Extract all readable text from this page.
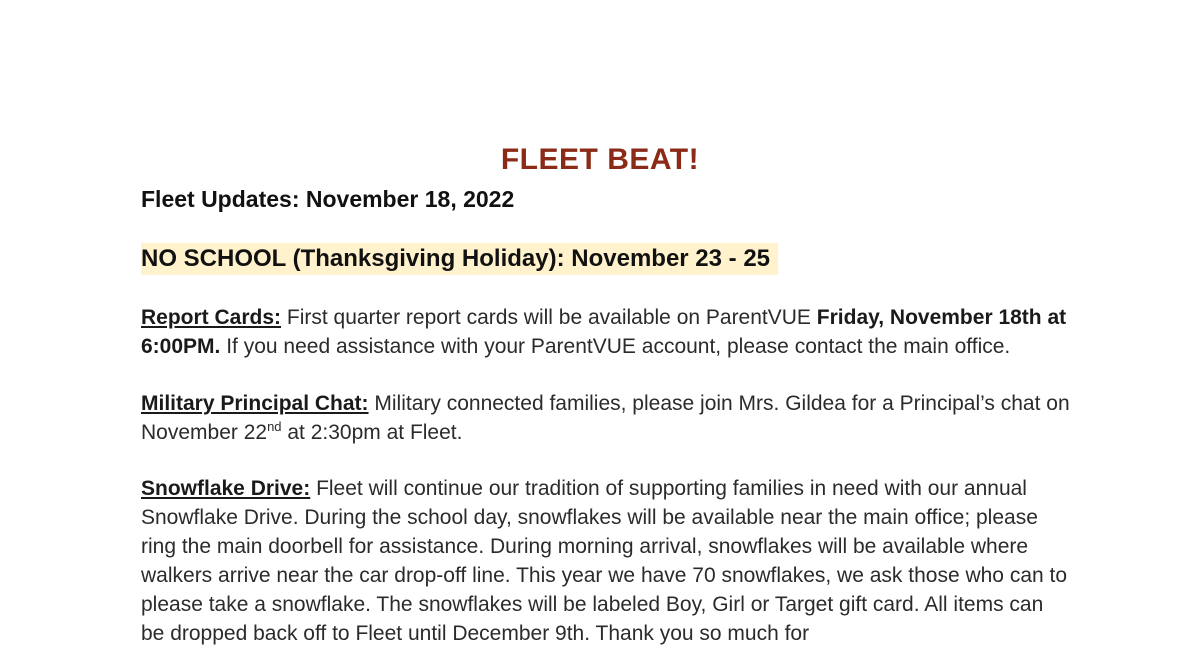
FLEET BEAT!
Fleet Updates: November 18, 2022
NO SCHOOL (Thanksgiving Holiday): November 23 - 25
Report Cards: First quarter report cards will be available on ParentVUE Friday, November 18th at 6:00PM. If you need assistance with your ParentVUE account, please contact the main office.
Military Principal Chat: Military connected families, please join Mrs. Gildea for a Principal’s chat on November 22nd at 2:30pm at Fleet.
Snowflake Drive: Fleet will continue our tradition of supporting families in need with our annual Snowflake Drive. During the school day, snowflakes will be available near the main office; please ring the main doorbell for assistance. During morning arrival, snowflakes will be available where walkers arrive near the car drop-off line. This year we have 70 snowflakes, we ask those who can to please take a snowflake. The snowflakes will be labeled Boy, Girl or Target gift card. All items can be dropped back off to Fleet until December 9th. Thank you so much for
